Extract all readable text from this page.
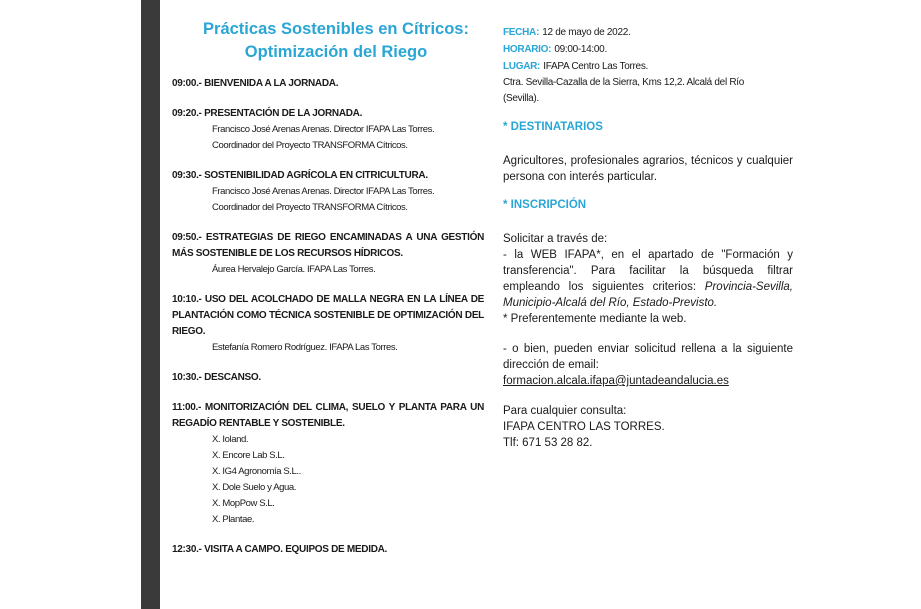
Prácticas Sostenibles en Cítricos:
Optimización del Riego
09:00.- BIENVENIDA A LA JORNADA.
09:20.- PRESENTACIÓN DE LA JORNADA.
Francisco José Arenas Arenas. Director IFAPA Las Torres.
Coordinador del Proyecto TRANSFORMA Cítricos.
09:30.- SOSTENIBILIDAD AGRÍCOLA EN CITRICULTURA.
Francisco José Arenas Arenas. Director IFAPA Las Torres.
Coordinador del Proyecto TRANSFORMA Cítricos.
09:50.- ESTRATEGIAS DE RIEGO ENCAMINADAS A UNA GESTIÓN MÁS SOSTENIBLE DE LOS RECURSOS HÍDRICOS.
Áurea Hervalejo García. IFAPA Las Torres.
10:10.- USO DEL ACOLCHADO DE MALLA NEGRA EN LA LÍNEA DE PLANTACIÓN COMO TÉCNICA SOSTENIBLE DE OPTIMIZACIÓN DEL RIEGO.
Estefanía Romero Rodríguez. IFAPA Las Torres.
10:30.- DESCANSO.
11:00.- MONITORIZACIÓN DEL CLIMA, SUELO Y PLANTA PARA UN REGADÍO RENTABLE Y SOSTENIBLE.
X. Ioland.
X. Encore Lab S.L.
X. IG4 Agronomía S.L..
X. Dole Suelo y Agua.
X. MopPow S.L.
X. Plantae.
12:30.- VISITA A CAMPO. EQUIPOS DE MEDIDA.

FECHA: 12 de mayo de 2022.

HORARIO: 09:00-14:00.

LUGAR: IFAPA Centro Las Torres.

Ctra. Sevilla-Cazalla de la Sierra, Kms 12,2. Alcalá del Río

(Sevilla).

* DESTINATARIOS

Agricultores, profesionales agrarios, técnicos y cualquier persona con interés particular.

* INSCRIPCIÓN

Solicitar a través de:

- la WEB IFAPA*, en el apartado de "Formación y transferencia". Para facilitar la búsqueda filtrar empleando los siguientes criterios: Provincia-Sevilla, Municipio-Alcalá del Río, Estado-Previsto.

* Preferentemente mediante la web.

- o bien, pueden enviar solicitud rellena a la siguiente dirección de email:

formacion.alcala.ifapa@juntadeandalucia.es

Para cualquier consulta:

IFAPA CENTRO LAS TORRES.

Tlf: 671 53 28 82.
